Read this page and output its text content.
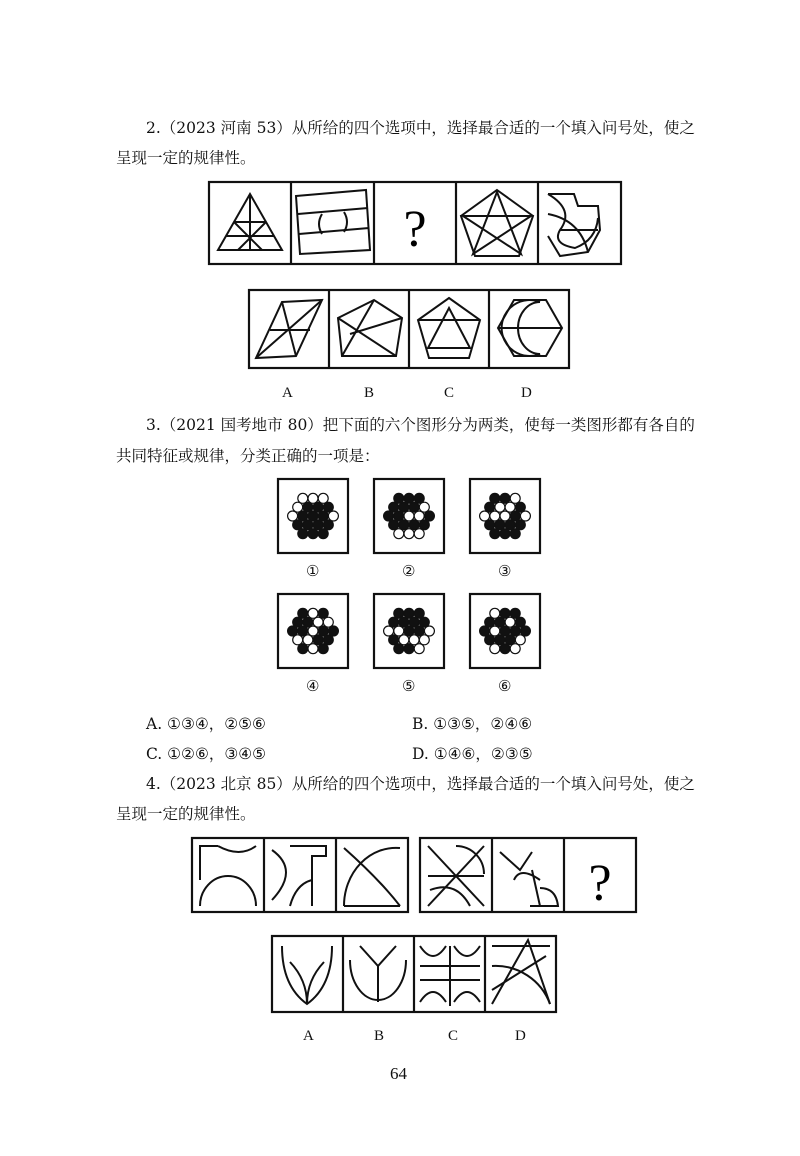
2.（2023 河南 53）从所给的四个选项中，选择最合适的一个填入问号处，使之
呈现一定的规律性。
?
A	B	C	D
3.（2021 国考地市 80）把下面的六个图形分为两类，使每一类图形都有各自的
共同特征或规律，分类正确的一项是：
①	②	③
④	⑤	⑥
A. ①③④，②⑤⑥	B. ①③⑤，②④⑥
C. ①②⑥，③④⑤	D. ①④⑥，②③⑤
4.（2023 北京 85）从所给的四个选项中，选择最合适的一个填入问号处，使之
呈现一定的规律性。
?
A	B	C	D
64
